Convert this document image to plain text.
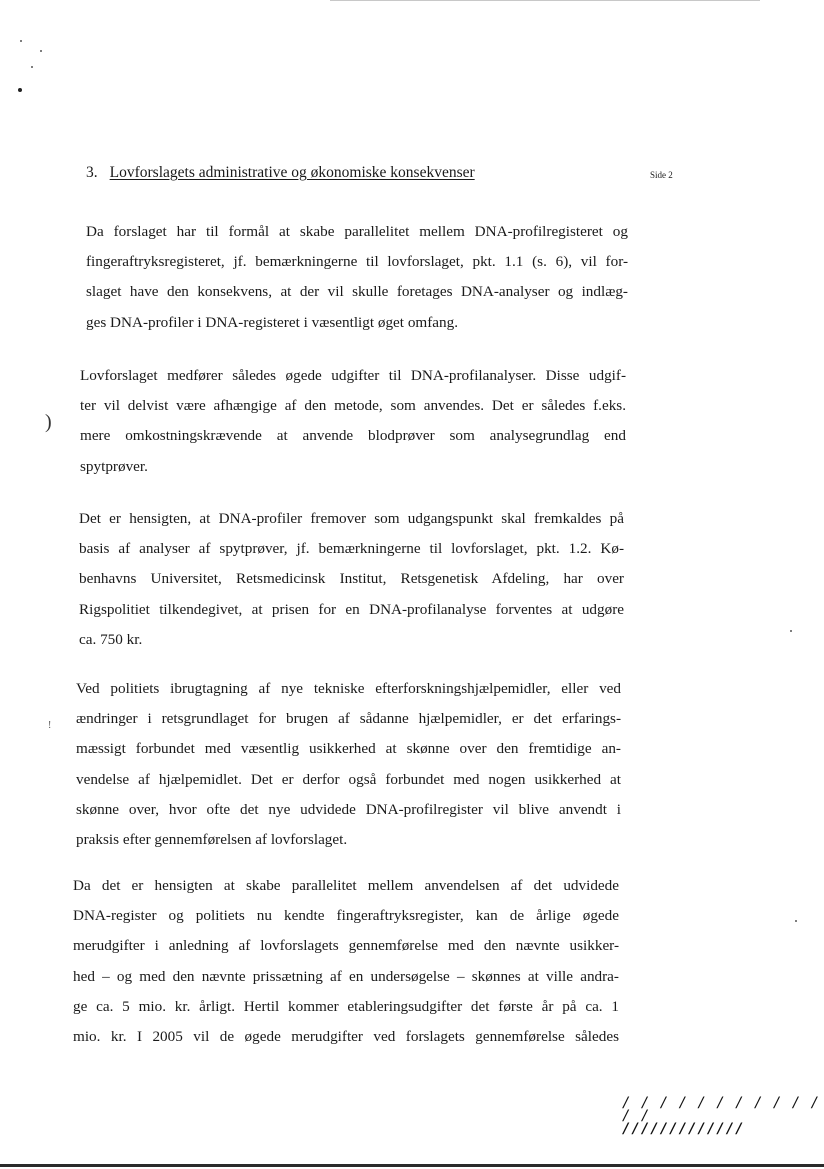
3. Lovforslagets administrative og økonomiske konsekvenser	Side 2
Da forslaget har til formål at skabe parallelitet mellem DNA-profilregisteret og
fingeraftryksregisteret, jf. bemærkningerne til lovforslaget, pkt. 1.1 (s. 6), vil for-
slaget have den konsekvens, at der vil skulle foretages DNA-analyser og indlæg-
ges DNA-profiler i DNA-registeret i væsentligt øget omfang.
Lovforslaget medfører således øgede udgifter til DNA-profilanalyser. Disse udgif-
ter vil delvist være afhængige af den metode, som anvendes. Det er således f.eks.
mere omkostningskrævende at anvende blodprøver som analysegrundlag end
spytprøver.
)
Det er hensigten, at DNA-profiler fremover som udgangspunkt skal fremkaldes på
basis af analyser af spytprøver, jf. bemærkningerne til lovforslaget, pkt. 1.2. Kø-
benhavns Universitet, Retsmedicinsk Institut, Retsgenetisk Afdeling, har over
Rigspolitiet tilkendegivet, at prisen for en DNA-profilanalyse forventes at udgøre
ca. 750 kr.
Ved politiets ibrugtagning af nye tekniske efterforskningshjælpemidler, eller ved
ændringer i retsgrundlaget for brugen af sådanne hjælpemidler, er det erfarings-
mæssigt forbundet med væsentlig usikkerhed at skønne over den fremtidige an-
vendelse af hjælpemidlet. Det er derfor også forbundet med nogen usikkerhed at
skønne over, hvor ofte det nye udvidede DNA-profilregister vil blive anvendt i
praksis efter gennemførelsen af lovforslaget.
!
Da det er hensigten at skabe parallelitet mellem anvendelsen af det udvidede
DNA-register og politiets nu kendte fingeraftryksregister, kan de årlige øgede
merudgifter i anledning af lovforslagets gennemførelse med den nævnte usikker-
hed – og med den nævnte prissætning af en undersøgelse – skønnes at ville andra-
ge ca. 5 mio. kr. årligt. Hertil kommer etableringsudgifter det første år på ca. 1
mio. kr. I 2005 vil de øgede merudgifter ved forslagets gennemførelse således
/ / / / / / / / / / / / /
/////////////
